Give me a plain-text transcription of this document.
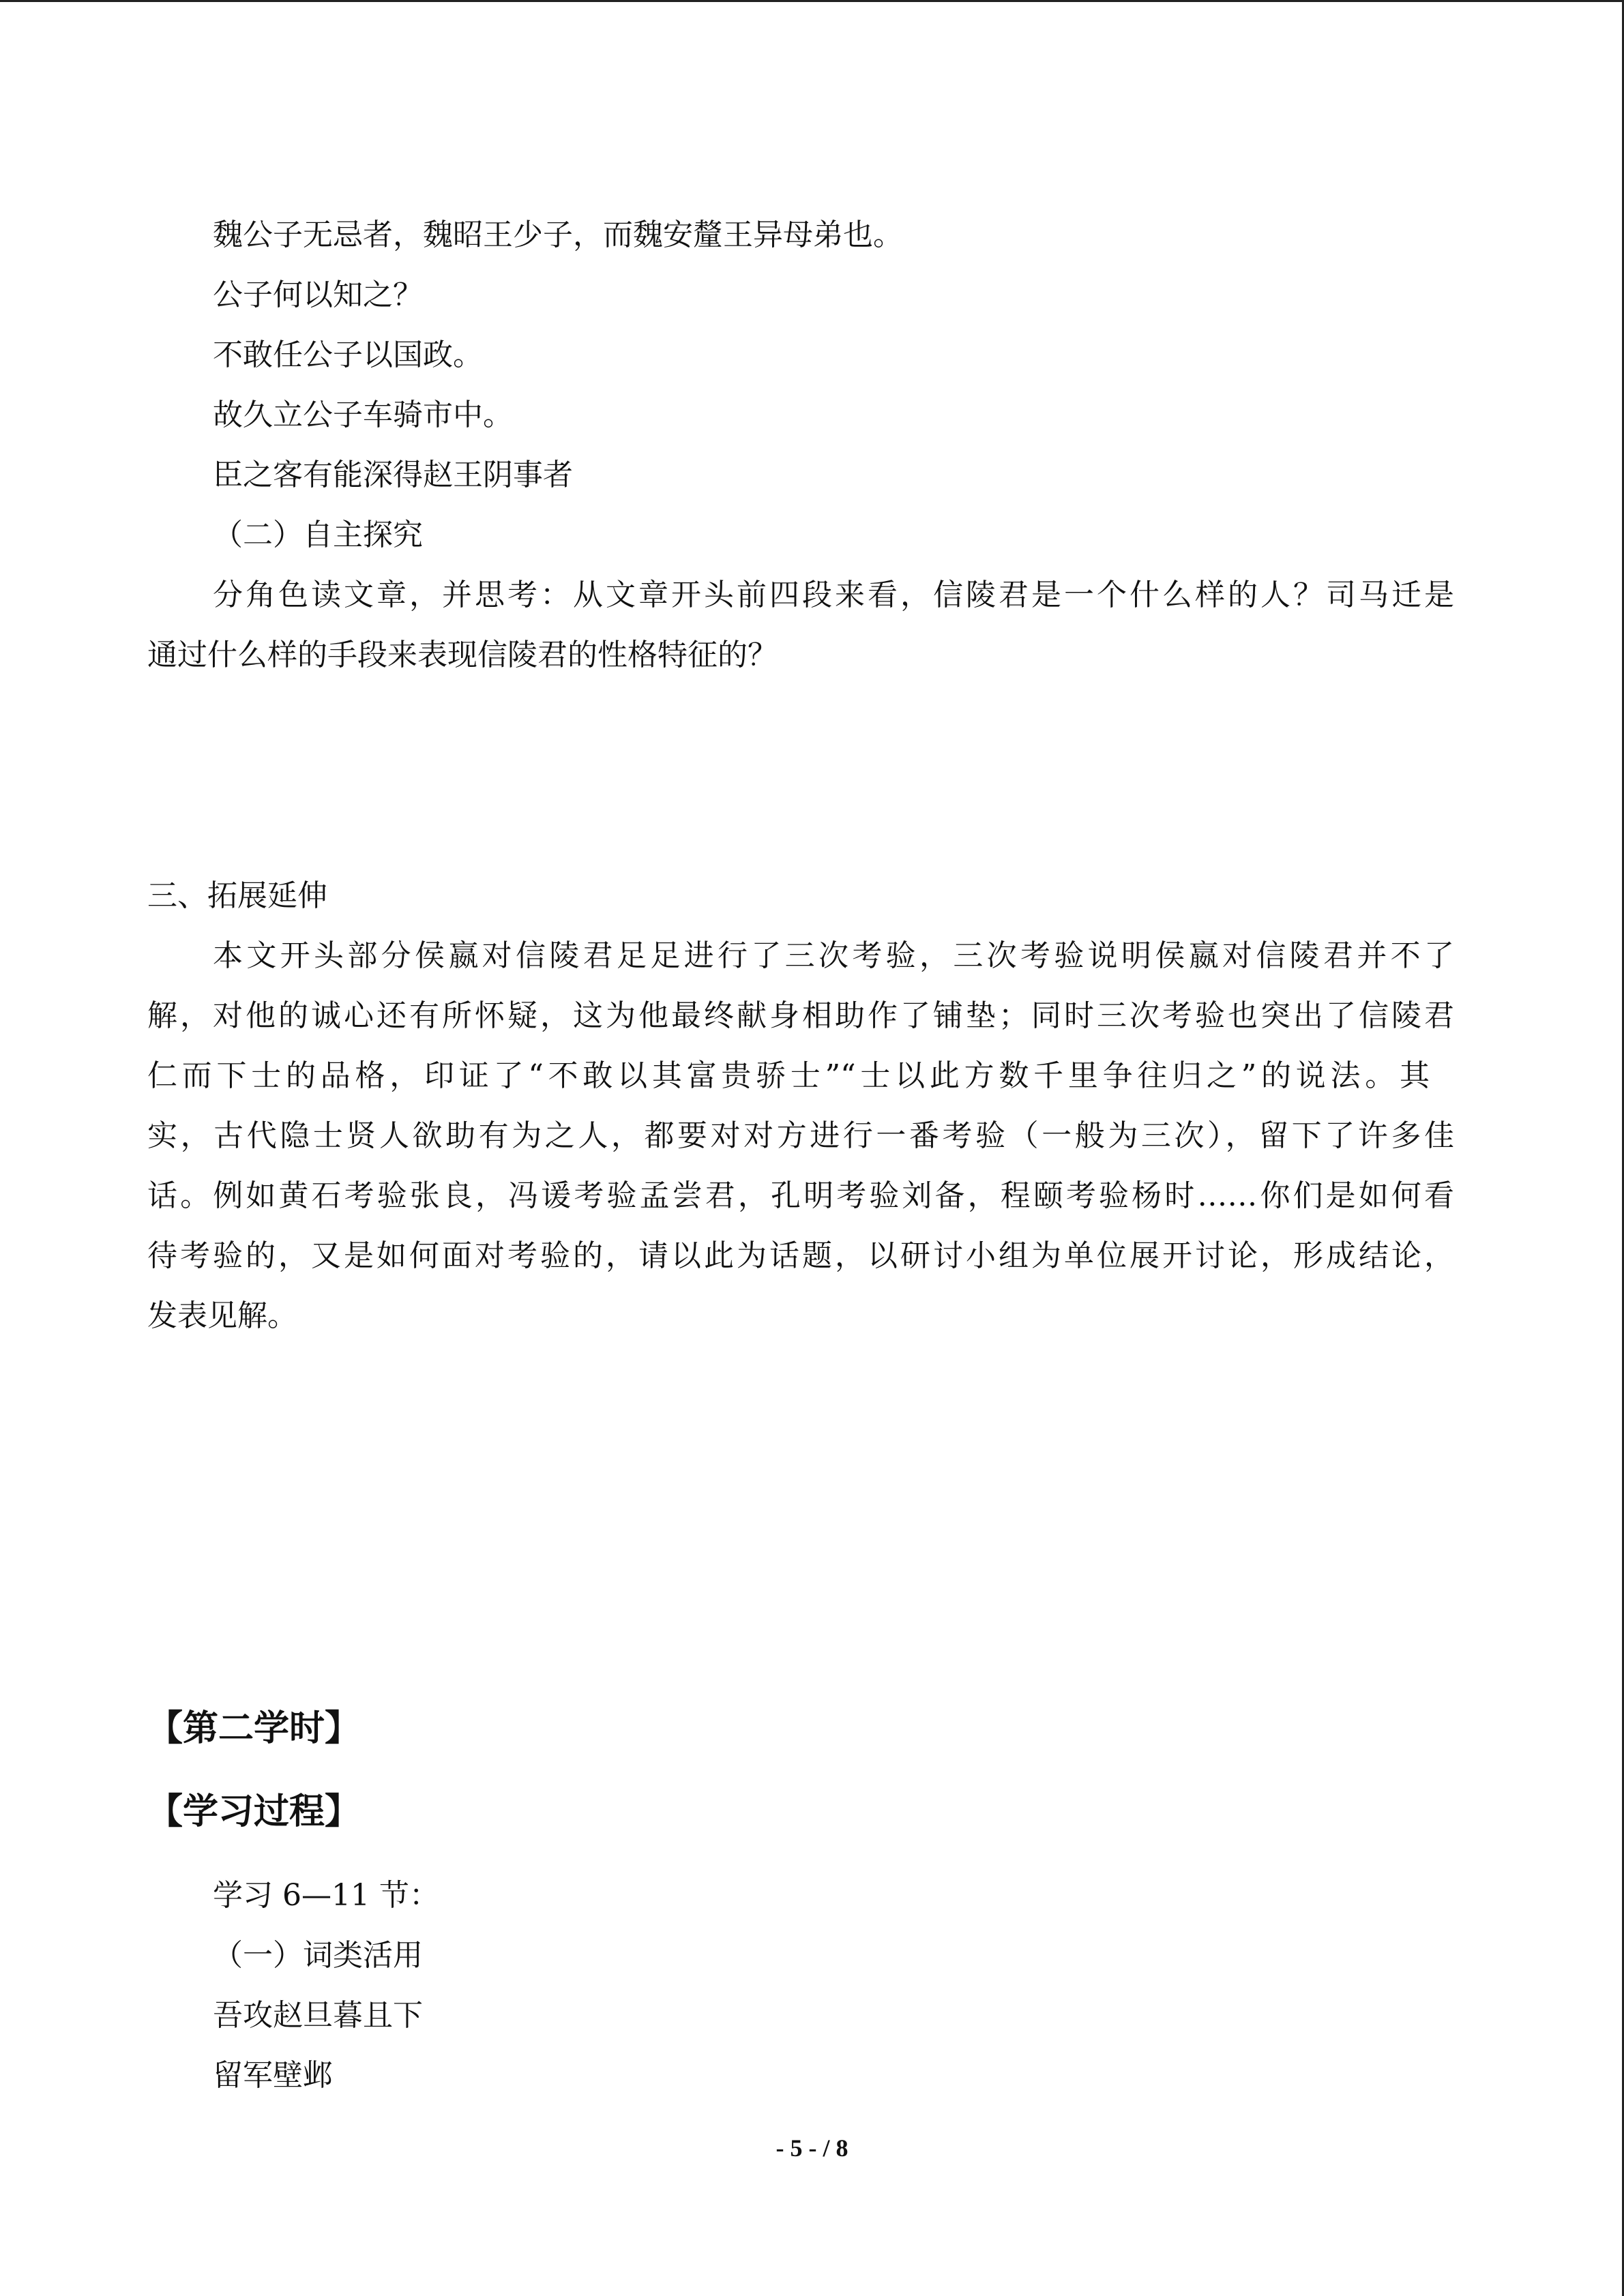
魏公子无忌者，魏昭王少子，而魏安釐王异母弟也。
公子何以知之？
不敢任公子以国政。
故久立公子车骑市中。
臣之客有能深得赵王阴事者
（二）自主探究
分角色读文章，并思考：从文章开头前四段来看，信陵君是一个什么样的人？司马迁是
通过什么样的手段来表现信陵君的性格特征的？
三、拓展延伸
本文开头部分侯嬴对信陵君足足进行了三次考验，三次考验说明侯嬴对信陵君并不了
解，对他的诚心还有所怀疑，这为他最终献身相助作了铺垫；同时三次考验也突出了信陵君
仁而下士的品格，印证了“不敢以其富贵骄士”“士以此方数千里争往归之”的说法。其
实，古代隐士贤人欲助有为之人，都要对对方进行一番考验（一般为三次），留下了许多佳
话。例如黄石考验张良，冯谖考验孟尝君，孔明考验刘备，程颐考验杨时……你们是如何看
待考验的，又是如何面对考验的，请以此为话题，以研讨小组为单位展开讨论，形成结论，
发表见解。
【第二学时】
【学习过程】
学习 6—11 节：
（一）词类活用
吾攻赵旦暮且下
留军壁邺
- 5 - / 8
